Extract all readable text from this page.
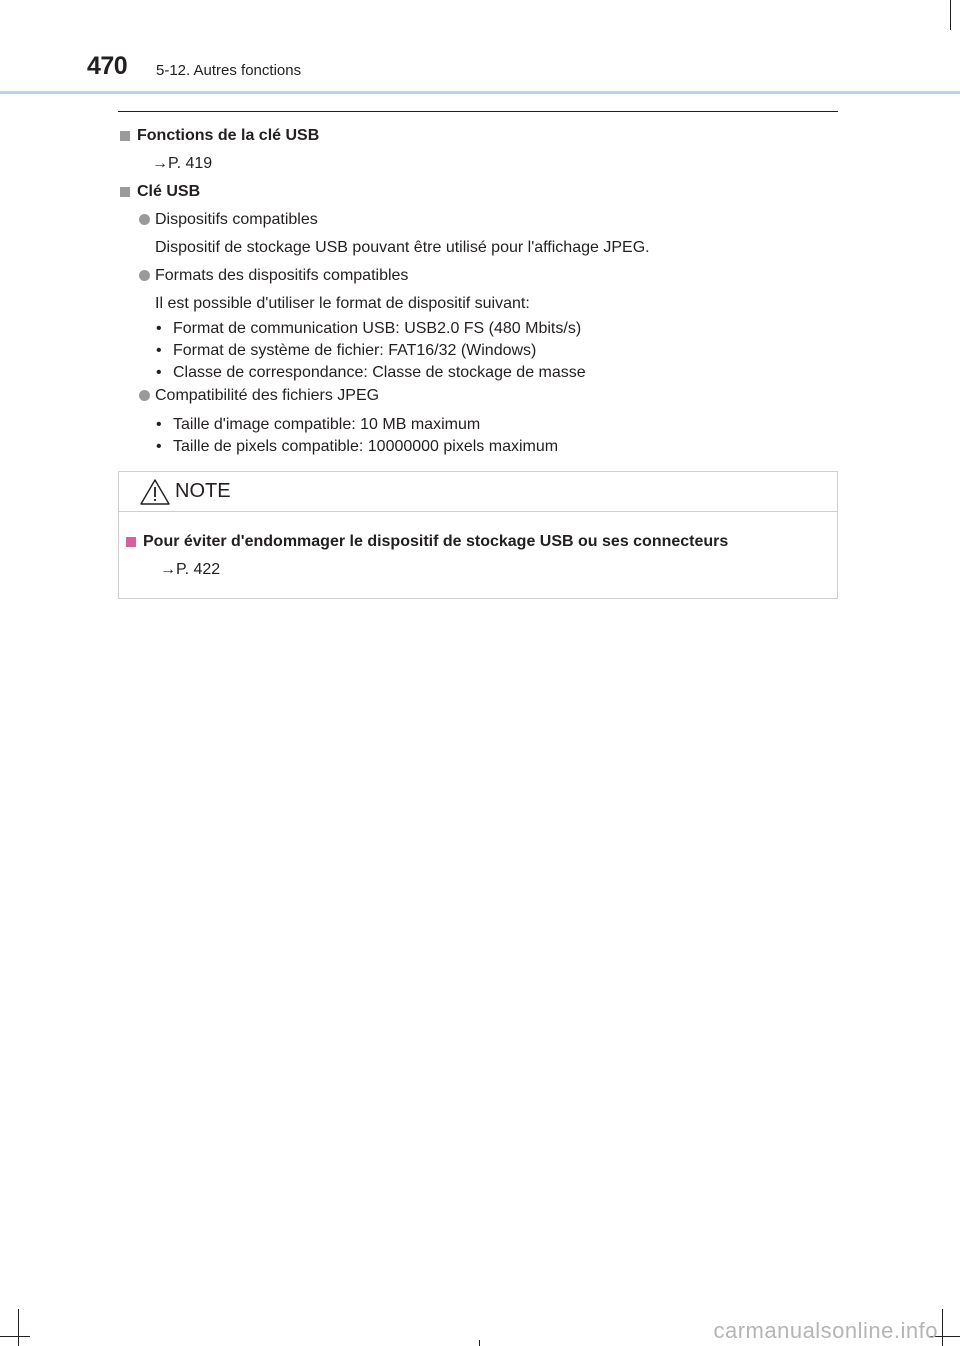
470 5-12. Autres fonctions
Fonctions de la clé USB
→P. 419
Clé USB
Dispositifs compatibles
Dispositif de stockage USB pouvant être utilisé pour l'affichage JPEG.
Formats des dispositifs compatibles
Il est possible d'utiliser le format de dispositif suivant:
• Format de communication USB: USB2.0 FS (480 Mbits/s)
• Format de système de fichier: FAT16/32 (Windows)
• Classe de correspondance: Classe de stockage de masse
Compatibilité des fichiers JPEG
• Taille d'image compatible: 10 MB maximum
• Taille de pixels compatible: 10000000 pixels maximum
NOTE
Pour éviter d'endommager le dispositif de stockage USB ou ses connecteurs
→P. 422
carmanualsonline.info
